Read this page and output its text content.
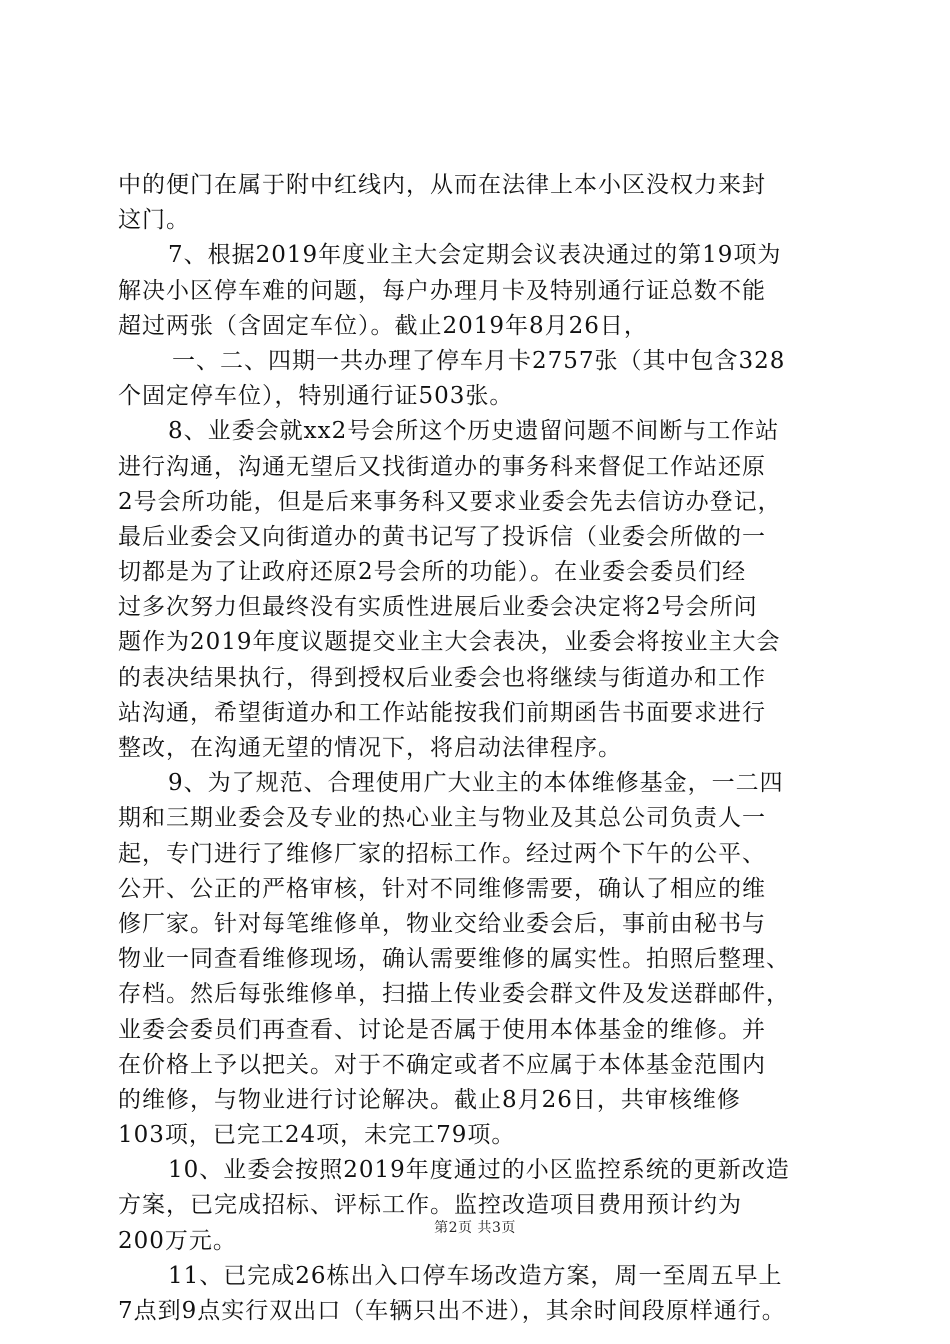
中的便门在属于附中红线内，从而在法律上本小区没权力来封
这门。
7、根据2019年度业主大会定期会议表决通过的第19项为
解决小区停车难的问题，每户办理月卡及特别通行证总数不能
超过两张（含固定车位）。截止2019年8月26日，
一、二、四期一共办理了停车月卡2757张（其中包含328
个固定停车位），特别通行证503张。
8、业委会就xx2号会所这个历史遗留问题不间断与工作站
进行沟通，沟通无望后又找街道办的事务科来督促工作站还原
2号会所功能，但是后来事务科又要求业委会先去信访办登记，
最后业委会又向街道办的黄书记写了投诉信（业委会所做的一
切都是为了让政府还原2号会所的功能）。在业委会委员们经
过多次努力但最终没有实质性进展后业委会决定将2号会所问
题作为2019年度议题提交业主大会表决，业委会将按业主大会
的表决结果执行，得到授权后业委会也将继续与街道办和工作
站沟通，希望街道办和工作站能按我们前期函告书面要求进行
整改，在沟通无望的情况下，将启动法律程序。
9、为了规范、合理使用广大业主的本体维修基金，一二四
期和三期业委会及专业的热心业主与物业及其总公司负责人一
起，专门进行了维修厂家的招标工作。经过两个下午的公平、
公开、公正的严格审核，针对不同维修需要，确认了相应的维
修厂家。针对每笔维修单，物业交给业委会后，事前由秘书与
物业一同查看维修现场，确认需要维修的属实性。拍照后整理、
存档。然后每张维修单，扫描上传业委会群文件及发送群邮件，
业委会委员们再查看、讨论是否属于使用本体基金的维修。并
在价格上予以把关。对于不确定或者不应属于本体基金范围内
的维修，与物业进行讨论解决。截止8月26日，共审核维修
103项，已完工24项，未完工79项。
10、业委会按照2019年度通过的小区监控系统的更新改造
方案，已完成招标、评标工作。监控改造项目费用预计约为
200万元。
11、已完成26栋出入口停车场改造方案，周一至周五早上
7点到9点实行双出口（车辆只出不进），其余时间段原样通行。
第2页 共3页
